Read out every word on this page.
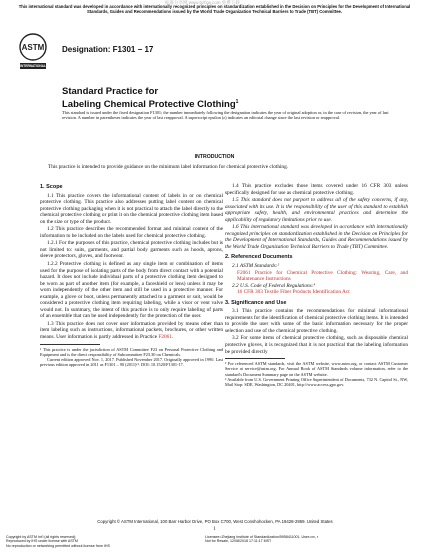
标准分享网 www.bzfxw.com 免费下载
This international standard was developed in accordance with internationally recognized principles on standardization established in the Decision on Principles for the Development of International Standards, Guides and Recommendations issued by the World Trade Organization Technical Barriers to Trade (TBT) Committee.
ASTM
INTERNATIONAL
Designation: F1301 − 17
Standard Practice for
Labeling Chemical Protective Clothing$^1$
This standard is issued under the fixed designation F1301; the number immediately following the designation indicates the year of original adoption or, in the case of revision, the year of last revision. A number in parentheses indicates the year of last reapproval. A superscript epsilon (ε) indicates an editorial change since the last revision or reapproval.
INTRODUCTION
This practice is intended to provide guidance on the minimum label information for chemical protective clothing.
1. Scope
1.1 This practice covers the informational content of labels in or on chemical protective clothing. This practice also addresses putting label content on chemical protective clothing packaging when it is not practical to attach the label directly to the chemical protective clothing or print it on the chemical protective clothing item based on the size or type of the product.
1.2 This practice describes the recommended format and minimal content of the information to be included on the labels used for chemical protective clothing.
1.2.1 For the purposes of this practice, chemical protective clothing includes but is not limited to: suits, garments, and partial body garments such as hoods, aprons, sleeve protectors, gloves, and footwear.
1.2.2 Protective clothing is defined as any single item or combination of items used for the purpose of isolating parts of the body from direct contact with a potential hazard. It does not include individual parts of a protective clothing item designed to be worn as part of another item (for example, a faceshield or lens) unless it may be worn independently of the other item and still be used in a protective manner. For example, a glove or boot, unless permanently attached to a garment or suit, would be considered a protective clothing item requiring labeling, while a visor or vent valve would not. In summary, the intent of this practice is to only require labeling of parts of an ensemble that can be used independently for the protection of the user.
1.3 This practice does not cover user information provided by means other than item labeling such as instructions, informational packets, brochures, or other written means. User information is partly addressed in Practice F2061.
¹ This practice is under the jurisdiction of ASTM Committee F23 on Personal Protective Clothing and Equipment and is the direct responsibility of Subcommittee F23.30 on Chemicals.
Current edition approved Nov. 1, 2017. Published November 2017. Originally approved in 1990. Last previous edition approved in 2011 as F1301 – 90 (2011)ᵉ¹. DOI: 10.1520/F1301-17.
1.4 This practice excludes those items covered under 16 CFR 303 unless specifically designed for use as chemical protective clothing.
1.5 This standard does not purport to address all of the safety concerns, if any, associated with its use. It is the responsibility of the user of this standard to establish appropriate safety, health, and environmental practices and determine the applicability of regulatory limitations prior to use.
1.6 This international standard was developed in accordance with internationally recognized principles on standardization established in the Decision on Principles for the Development of International Standards, Guides and Recommendations issued by the World Trade Organization Technical Barriers to Trade (TBT) Committee.
2. Referenced Documents
2.1 ASTM Standards:²
F2061 Practice for Chemical Protective Clothing: Wearing, Care, and Maintenance Instructions
2.2 U.S. Code of Federal Regulations:³
16 CFR 303 Textile Fiber Products Identification Act
3. Significance and Use
3.1 This practice contains the recommendations for minimal informational requirements for the identification of chemical protective clothing items. It is intended to provide the user with some of the basic information necessary for the proper selection and use of the chemical protective clothing.
3.2 For some items of chemical protective clothing, such as disposable chemical protective gloves, it is recognized that it is not practical that the labeling information be provided directly
² For referenced ASTM standards, visit the ASTM website, www.astm.org, or contact ASTM Customer Service at service@astm.org. For Annual Book of ASTM Standards volume information, refer to the standard's Document Summary page on the ASTM website.
³ Available from U.S. Government Printing Office Superintendent of Documents, 732 N. Capitol St., NW, Mail Stop: SDE, Washington, DC 20401, http://www.access.gpo.gov.
Copyright © ASTM International, 100 Barr Harbor Drive, PO Box C700, West Conshohocken, PA 19428-2959. United States
1
Copyright by ASTM Int'l (all rights reserved);
Reproduced by IHS under license with ASTM
No reproduction or networking permitted without license from IHS
Licensee=Zhejiang Institute of Standardization/5958411001, User=xx, r
Not for Resale, 12/08/2018 17:11:17 MST
